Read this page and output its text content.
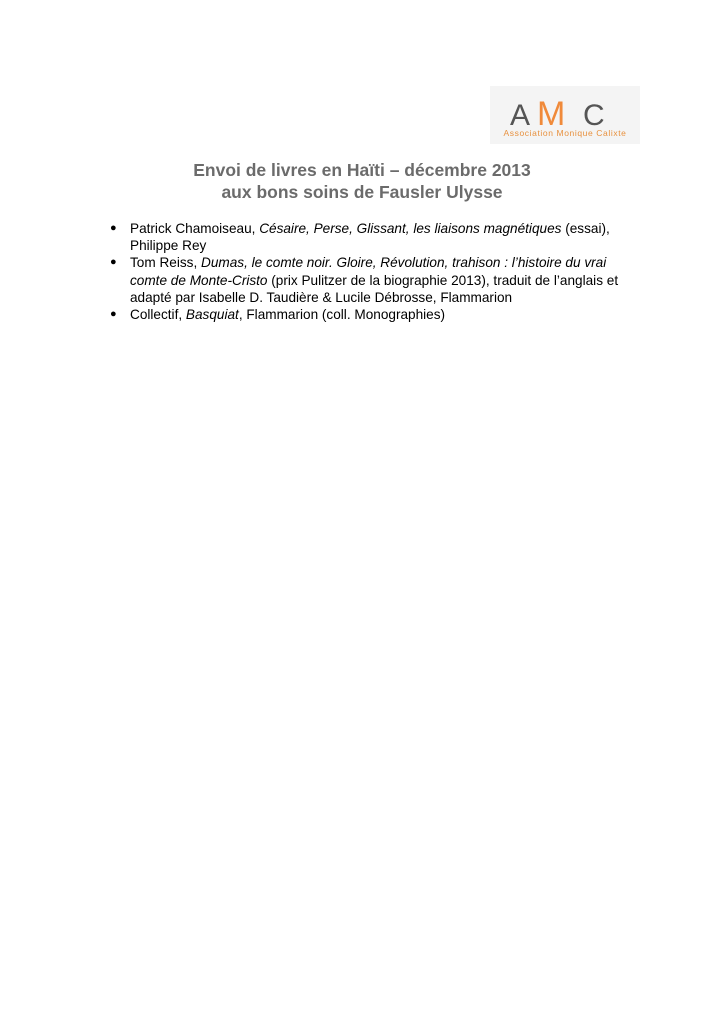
A M C
Association Monique Calixte
Envoi de livres en Haïti – décembre 2013
aux bons soins de Fausler Ulysse
● Patrick Chamoiseau, Césaire, Perse, Glissant, les liaisons magnétiques (essai), Philippe Rey
● Tom Reiss, Dumas, le comte noir. Gloire, Révolution, trahison : l’histoire du vrai comte de Monte-Cristo (prix Pulitzer de la biographie 2013), traduit de l’anglais et adapté par Isabelle D. Taudière & Lucile Débrosse, Flammarion
● Collectif, Basquiat, Flammarion (coll. Monographies)
